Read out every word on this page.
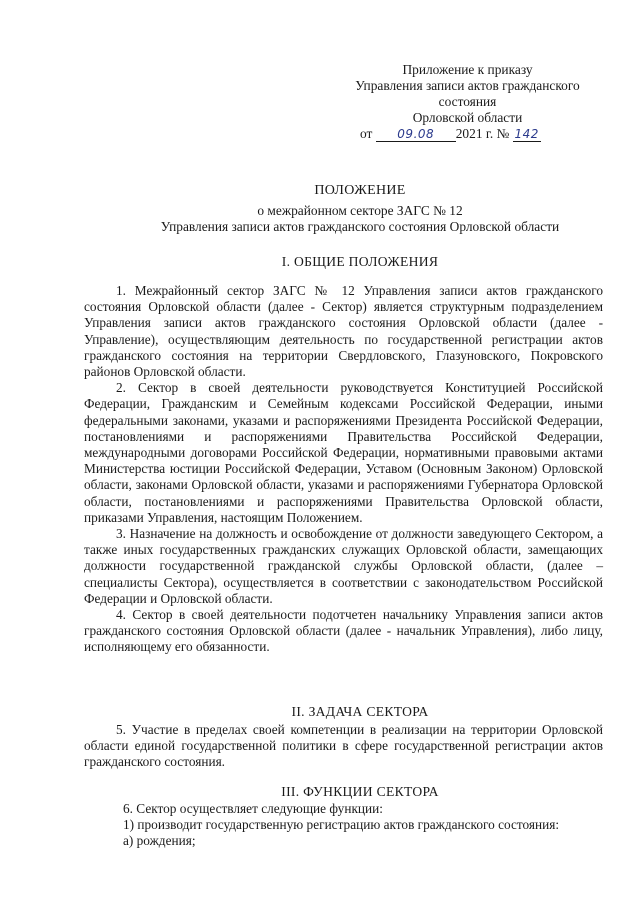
Приложение к приказу
Управления записи актов гражданского
состояния
Орловской области
от 09.08 2021 г. № 142
ПОЛОЖЕНИЕ
о межрайонном секторе ЗАГС № 12
Управления записи актов гражданского состояния Орловской области
I. ОБЩИЕ ПОЛОЖЕНИЯ

1. Межрайонный сектор ЗАГС № 12 Управления записи актов гражданского состояния Орловской области (далее - Сектор) является структурным подразделением Управления записи актов гражданского состояния Орловской области (далее - Управление), осуществляющим деятельность по государственной регистрации актов гражданского состояния на территории Свердловского, Глазуновского, Покровского районов Орловской области.

2. Сектор в своей деятельности руководствуется Конституцией Российской Федерации, Гражданским и Семейным кодексами Российской Федерации, иными федеральными законами, указами и распоряжениями Президента Российской Федерации, постановлениями и распоряжениями Правительства Российской Федерации, международными договорами Российской Федерации, нормативными правовыми актами Министерства юстиции Российской Федерации, Уставом (Основным Законом) Орловской области, законами Орловской области, указами и распоряжениями Губернатора Орловской области, постановлениями и распоряжениями Правительства Орловской области, приказами Управления, настоящим Положением.

3. Назначение на должность и освобождение от должности заведующего Сектором, а также иных государственных гражданских служащих Орловской области, замещающих должности государственной гражданской службы Орловской области, (далее – специалисты Сектора), осуществляется в соответствии с законодательством Российской Федерации и Орловской области.

4. Сектор в своей деятельности подотчетен начальнику Управления записи актов гражданского состояния Орловской области (далее - начальник Управления), либо лицу, исполняющему его обязанности.

II. ЗАДАЧА СЕКТОРА

5. Участие в пределах своей компетенции в реализации на территории Орловской области единой государственной политики в сфере государственной регистрации актов гражданского состояния.

III. ФУНКЦИИ СЕКТОРА

6. Сектор осуществляет следующие функции:

1) производит государственную регистрацию актов гражданского состояния:

а) рождения;
